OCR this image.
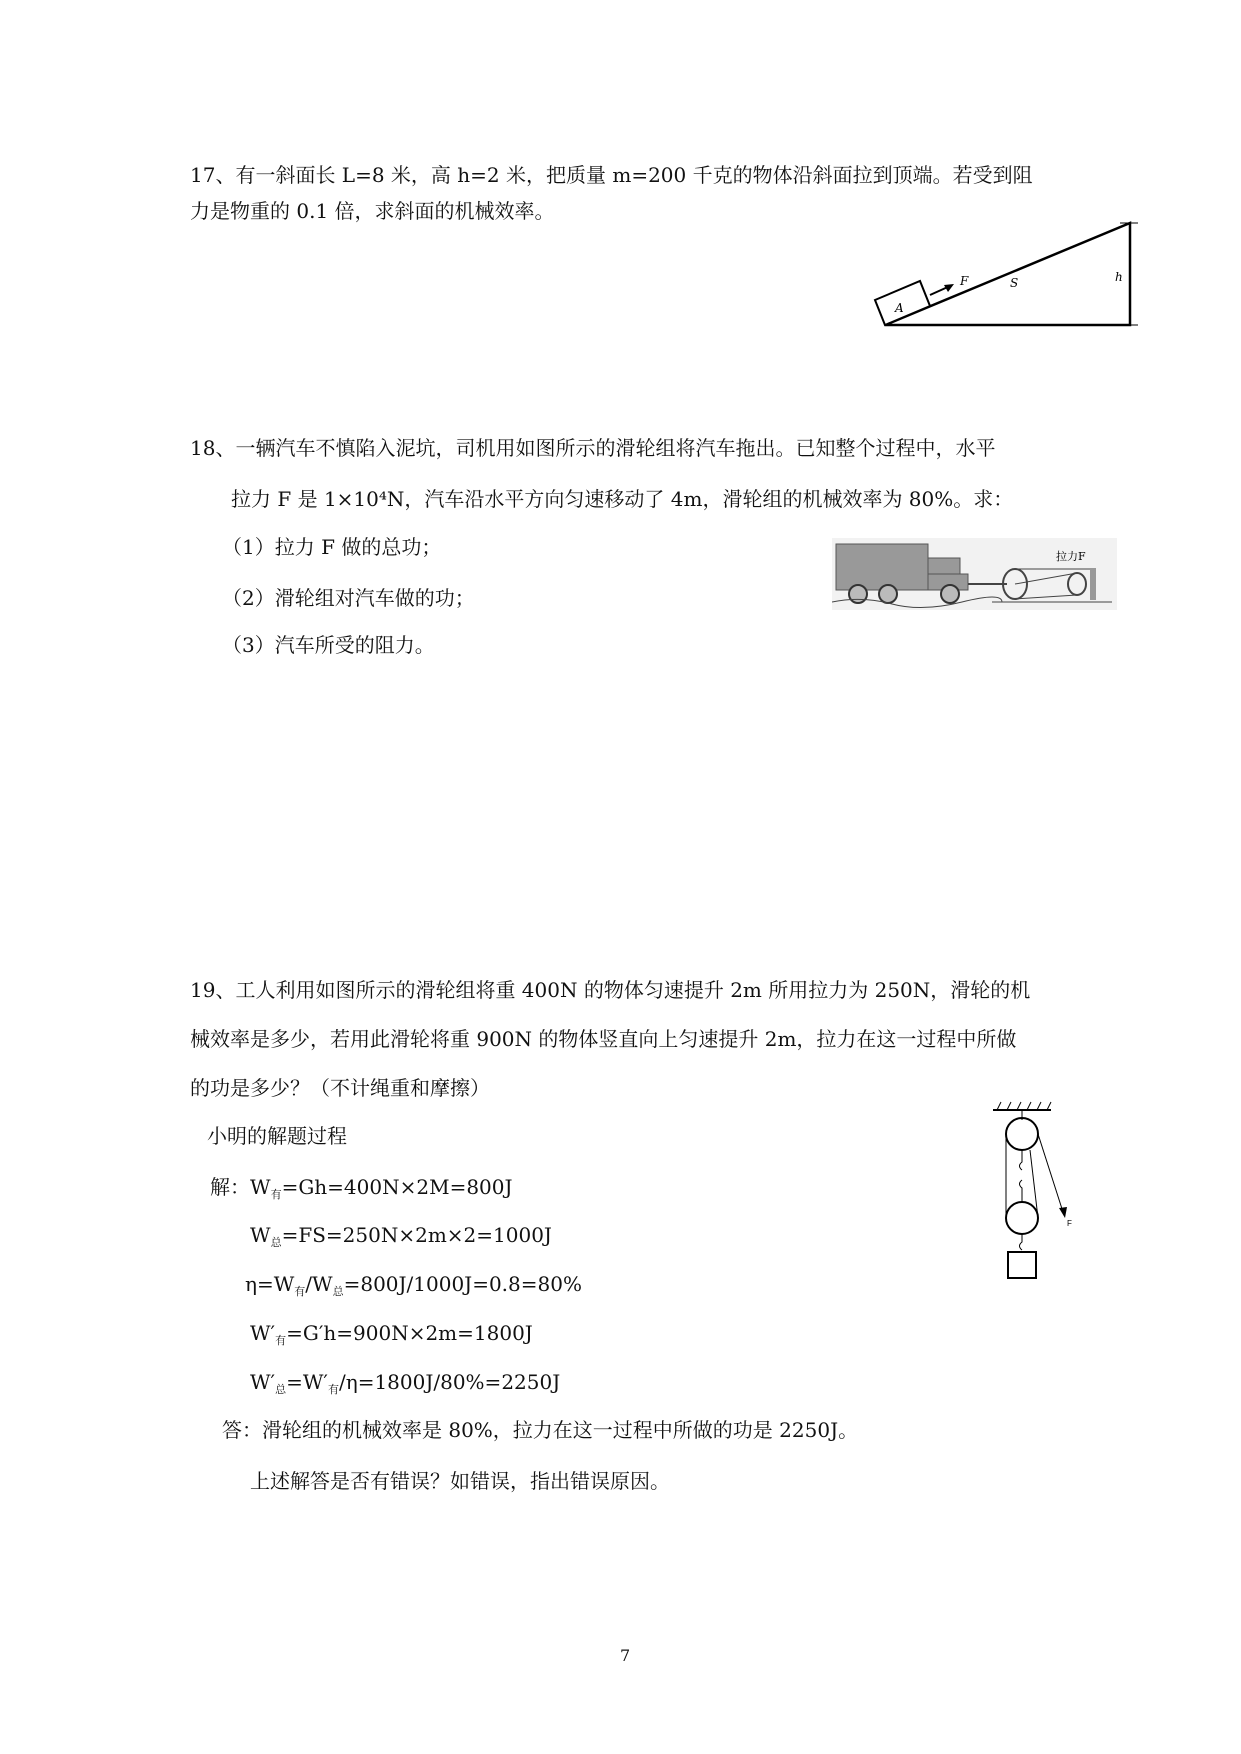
17、有一斜面长 L=8 米，高 h=2 米，把质量 m=200 千克的物体沿斜面拉到顶端。若受到阻
力是物重的 0.1 倍，求斜面的机械效率。
A
F	S	h
18、一辆汽车不慎陷入泥坑，司机用如图所示的滑轮组将汽车拖出。已知整个过程中，水平
拉力 F 是 1×10⁴N，汽车沿水平方向匀速移动了 4m，滑轮组的机械效率为 80%。求：
（1）拉力 F 做的总功；
（2）滑轮组对汽车做的功；
（3）汽车所受的阻力。
拉力F
19、工人利用如图所示的滑轮组将重 400N 的物体匀速提升 2m 所用拉力为 250N，滑轮的机
械效率是多少，若用此滑轮将重 900N 的物体竖直向上匀速提升 2m，拉力在这一过程中所做
的功是多少？（不计绳重和摩擦）
小明的解题过程
解：$W_有=Gh=400N\times 2M=800J$
$W_总=FS=250N\times 2m\times 2=1000J$
$\eta=W_有/W_总=800J/1000J=0.8=80\%$
$W'_有=G'h=900N\times 2m=1800J$
$W'_总=W'_有/\eta=1800J/80\%=2250J$
答：滑轮组的机械效率是 80%，拉力在这一过程中所做的功是 2250J。
上述解答是否有错误？如错误，指出错误原因。
F
7
